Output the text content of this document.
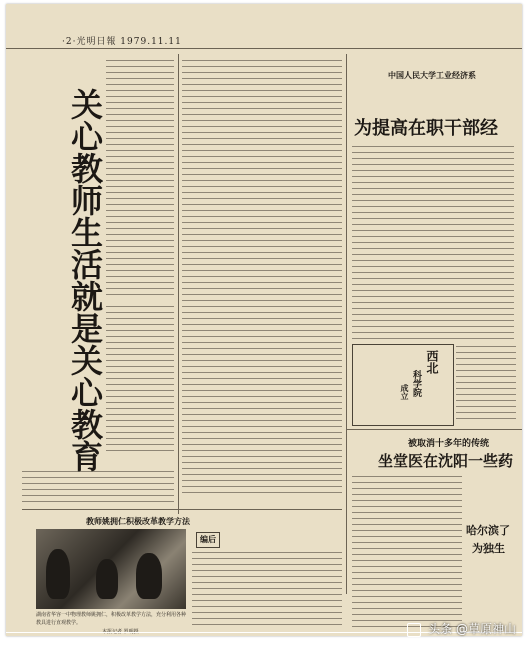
·2·光明日報 1979.11.11
关心教师生活就是关心教育
中国人民大学工业经济系
为提高在职干部经
西北
科学院
成立
被取消十多年的传统
坐堂医在沈阳一些药
哈尔滨了
为独生
教师姚拥仁积极改革教学方法
湖南省华容一中物理教师姚拥仁，积极改革教学方法，充分利用各种教具进行直观教学。
编后
头条 @草原神山
